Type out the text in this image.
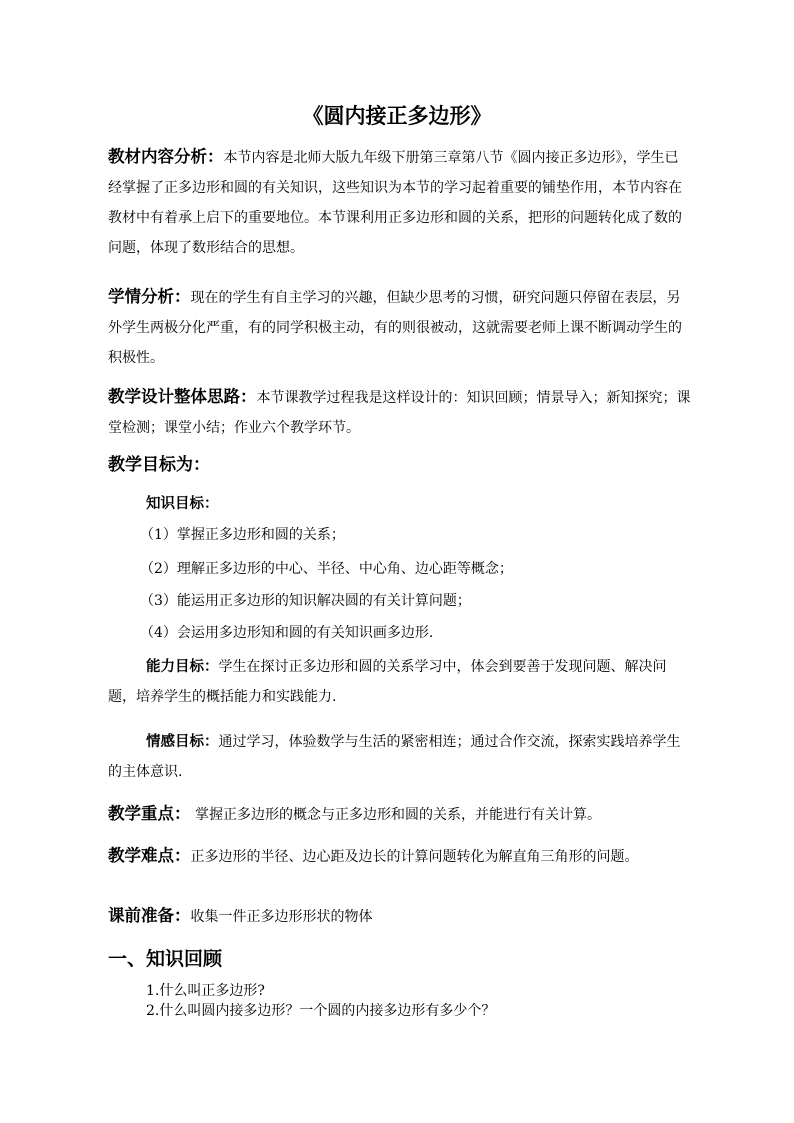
《圆内接正多边形》

教材内容分析：本节内容是北师大版九年级下册第三章第八节《圆内接正多边形》，学生已经掌握了正多边形和圆的有关知识，这些知识为本节的学习起着重要的铺垫作用，本节内容在教材中有着承上启下的重要地位。本节课利用正多边形和圆的关系，把形的问题转化成了数的问题，体现了数形结合的思想。

学情分析：现在的学生有自主学习的兴趣，但缺少思考的习惯，研究问题只停留在表层，另外学生两极分化严重，有的同学积极主动，有的则很被动，这就需要老师上课不断调动学生的积极性。

教学设计整体思路：本节课教学过程我是这样设计的：知识回顾；情景导入；新知探究；课堂检测；课堂小结；作业六个教学环节。

教学目标为：
知识目标：
（1）掌握正多边形和圆的关系；
（2）理解正多边形的中心、半径、中心角、边心距等概念；
（3）能运用正多边形的知识解决圆的有关计算问题；
（4）会运用多边形知和圆的有关知识画多边形.

能力目标：学生在探讨正多边形和圆的关系学习中，体会到要善于发现问题、解决问题，培养学生的概括能力和实践能力.

情感目标：通过学习，体验数学与生活的紧密相连；通过合作交流，探索实践培养学生的主体意识.

教学重点： 掌握正多边形的概念与正多边形和圆的关系，并能进行有关计算。

教学难点：正多边形的半径、边心距及边长的计算问题转化为解直角三角形的问题。

课前准备：收集一件正多边形形状的物体

一、知识回顾
1.什么叫正多边形?
2.什么叫圆内接多边形？一个圆的内接多边形有多少个？
